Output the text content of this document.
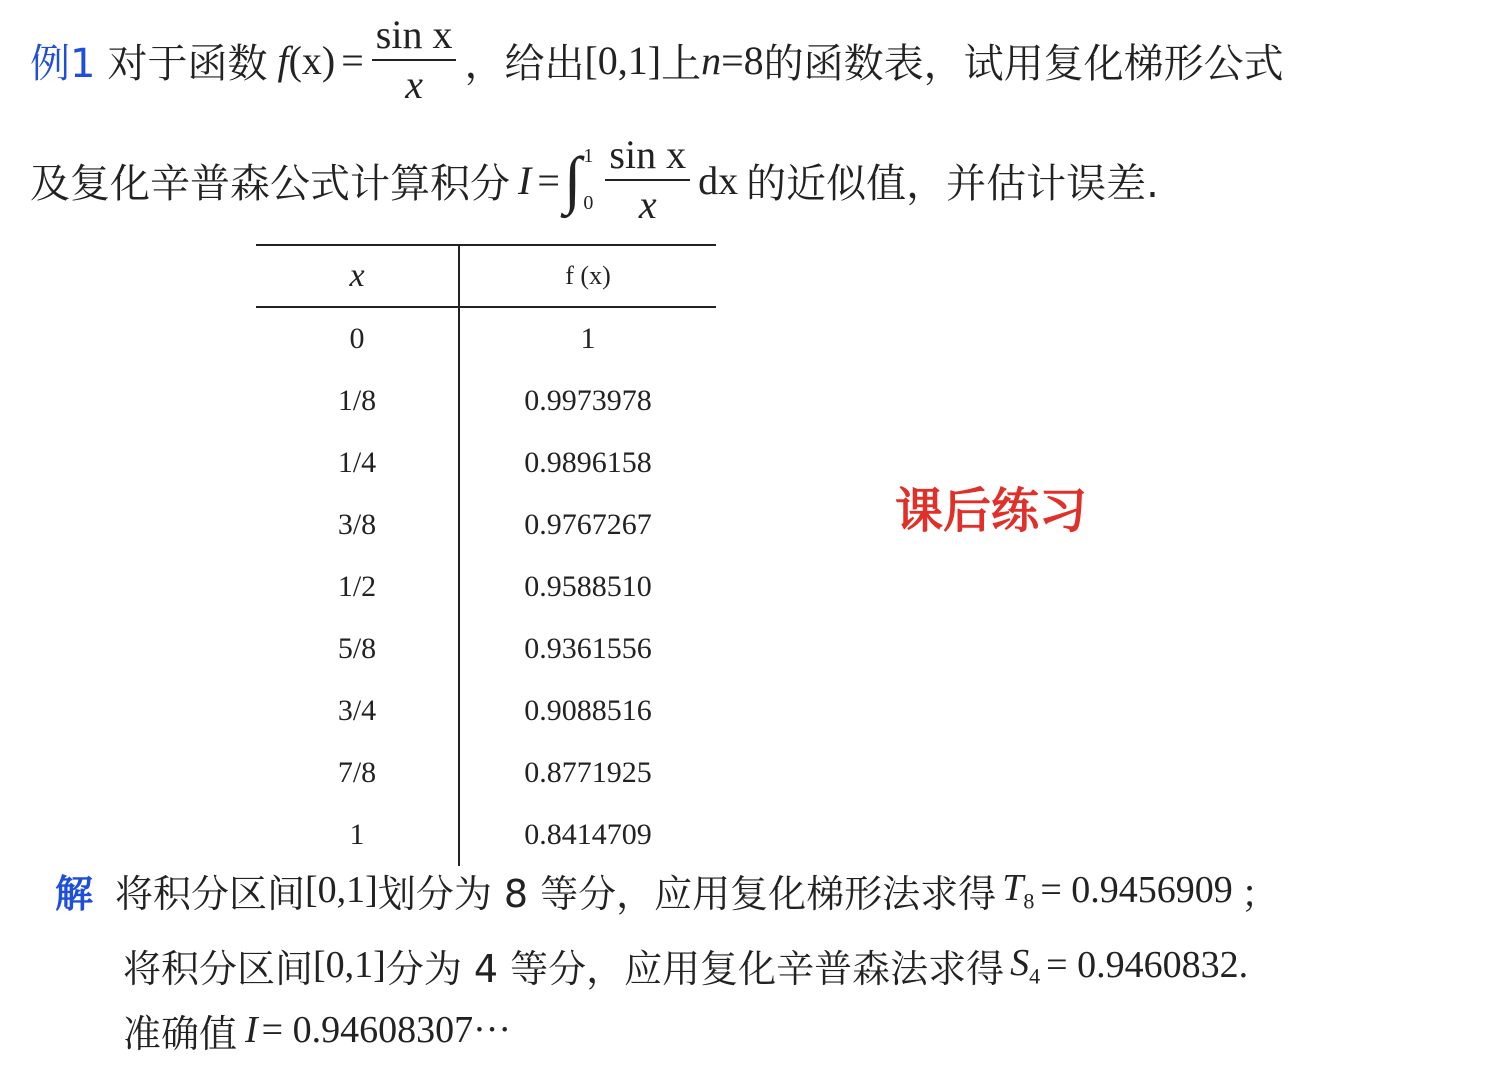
例1 对于函数 f $(x) = \frac{\text{sin x}}{x}$ ，给出 [0,1] 上 n =8 的函数表，试用复化梯形公式
及复化辛普森公式计算积分 I = ∫ 1
$0 \frac{\text{sin x}}{x}$ dx 的近似值，并估计误差.
x	f (x)
0	1
1/8	0.9973978
1/4	0.9896158
3/8	0.9767267
1/2	0.9588510
5/8	0.9361556
3/4	0.9088516
7/8	0.8771925
1	0.8414709
课后练习
解 将积分区间 [0,1] 划分为 8 等分，应用复化梯形法求得 $T_8 = 0.9456909$ ；
将积分区间 [0,1] 分为 4 等分，应用复化辛普森法求得 $S_4 = 0.9460832$.
准确值 I = 0.94608307···
